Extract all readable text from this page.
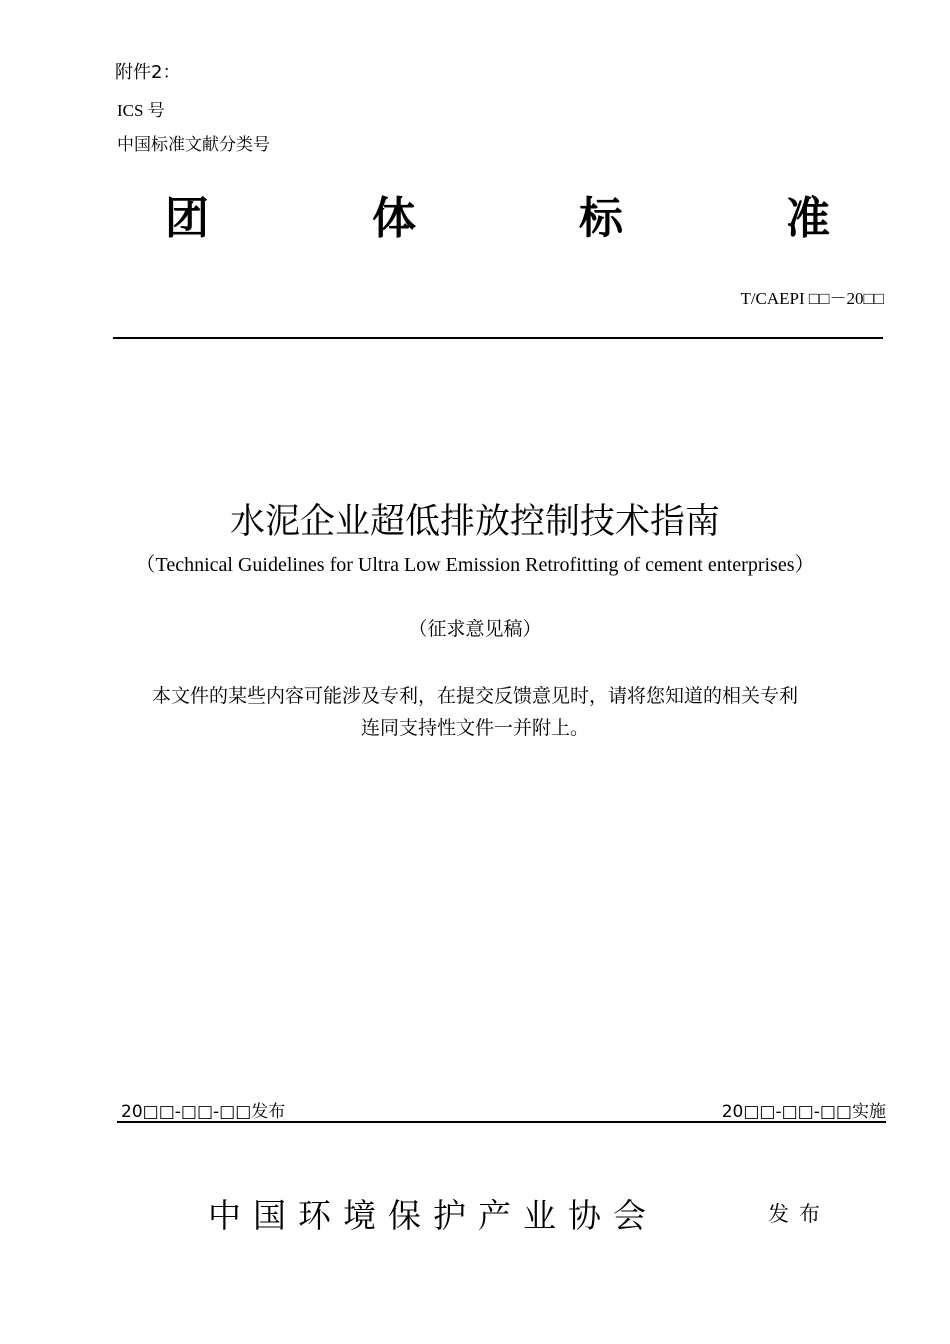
附件2：
ICS 号
中国标准文献分类号
团	体	标	准
T/CAEPI □□－20□□
水泥企业超低排放控制技术指南
（Technical Guidelines for Ultra Low Emission Retrofitting of cement enterprises）
（征求意见稿）
本文件的某些内容可能涉及专利，在提交反馈意见时，请将您知道的相关专利
连同支持性文件一并附上。
20□□-□□-□□发布	20□□-□□-□□实施
中国环境保护产业协会	发布
